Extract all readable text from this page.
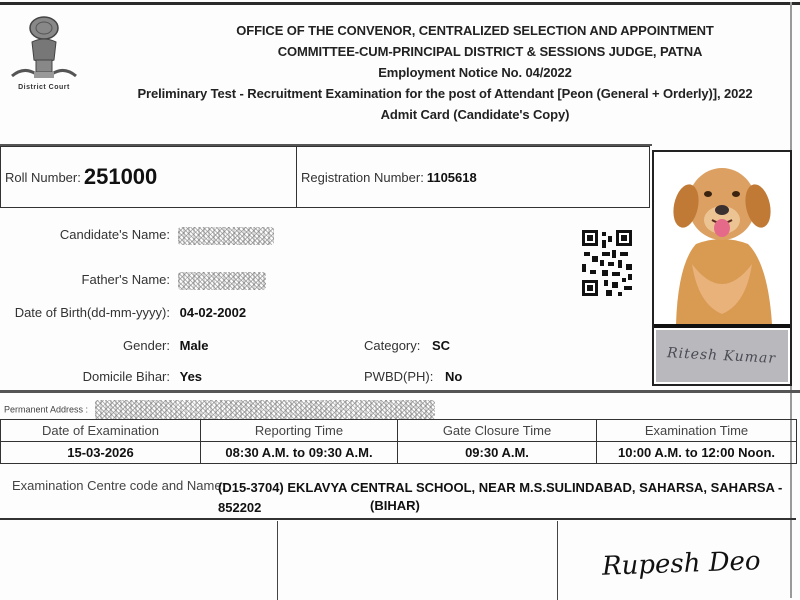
District Court
OFFICE OF THE CONVENOR, CENTRALIZED SELECTION AND APPOINTMENT
COMMITTEE-CUM-PRINCIPAL DISTRICT & SESSIONS JUDGE, PATNA
Employment Notice No. 04/2022
Preliminary Test - Recruitment Examination for the post of Attendant [Peon (General + Orderly)], 2022
Admit Card (Candidate's Copy)
Roll Number: 251000	Registration Number: 1105618
Ritesh Kumar
Candidate's Name:
Father's Name:
Date of Birth(dd-mm-yyyy): 04-02-2002
Gender: Male
Domicile Bihar: Yes
Category: SC
PWBD(PH): No
Permanent Address :
Date of Examination	Reporting Time	Gate Closure Time	Examination Time
15-03-2026	08:30 A.M. to 09:30 A.M.	09:30 A.M.	10:00 A.M. to 12:00 Noon.
Examination Centre code and Name:
(D15-3704) EKLAVYA CENTRAL SCHOOL, NEAR M.S.SULINDABAD, SAHARSA, SAHARSA - 852202	(BIHAR)
Rupesh Deo
